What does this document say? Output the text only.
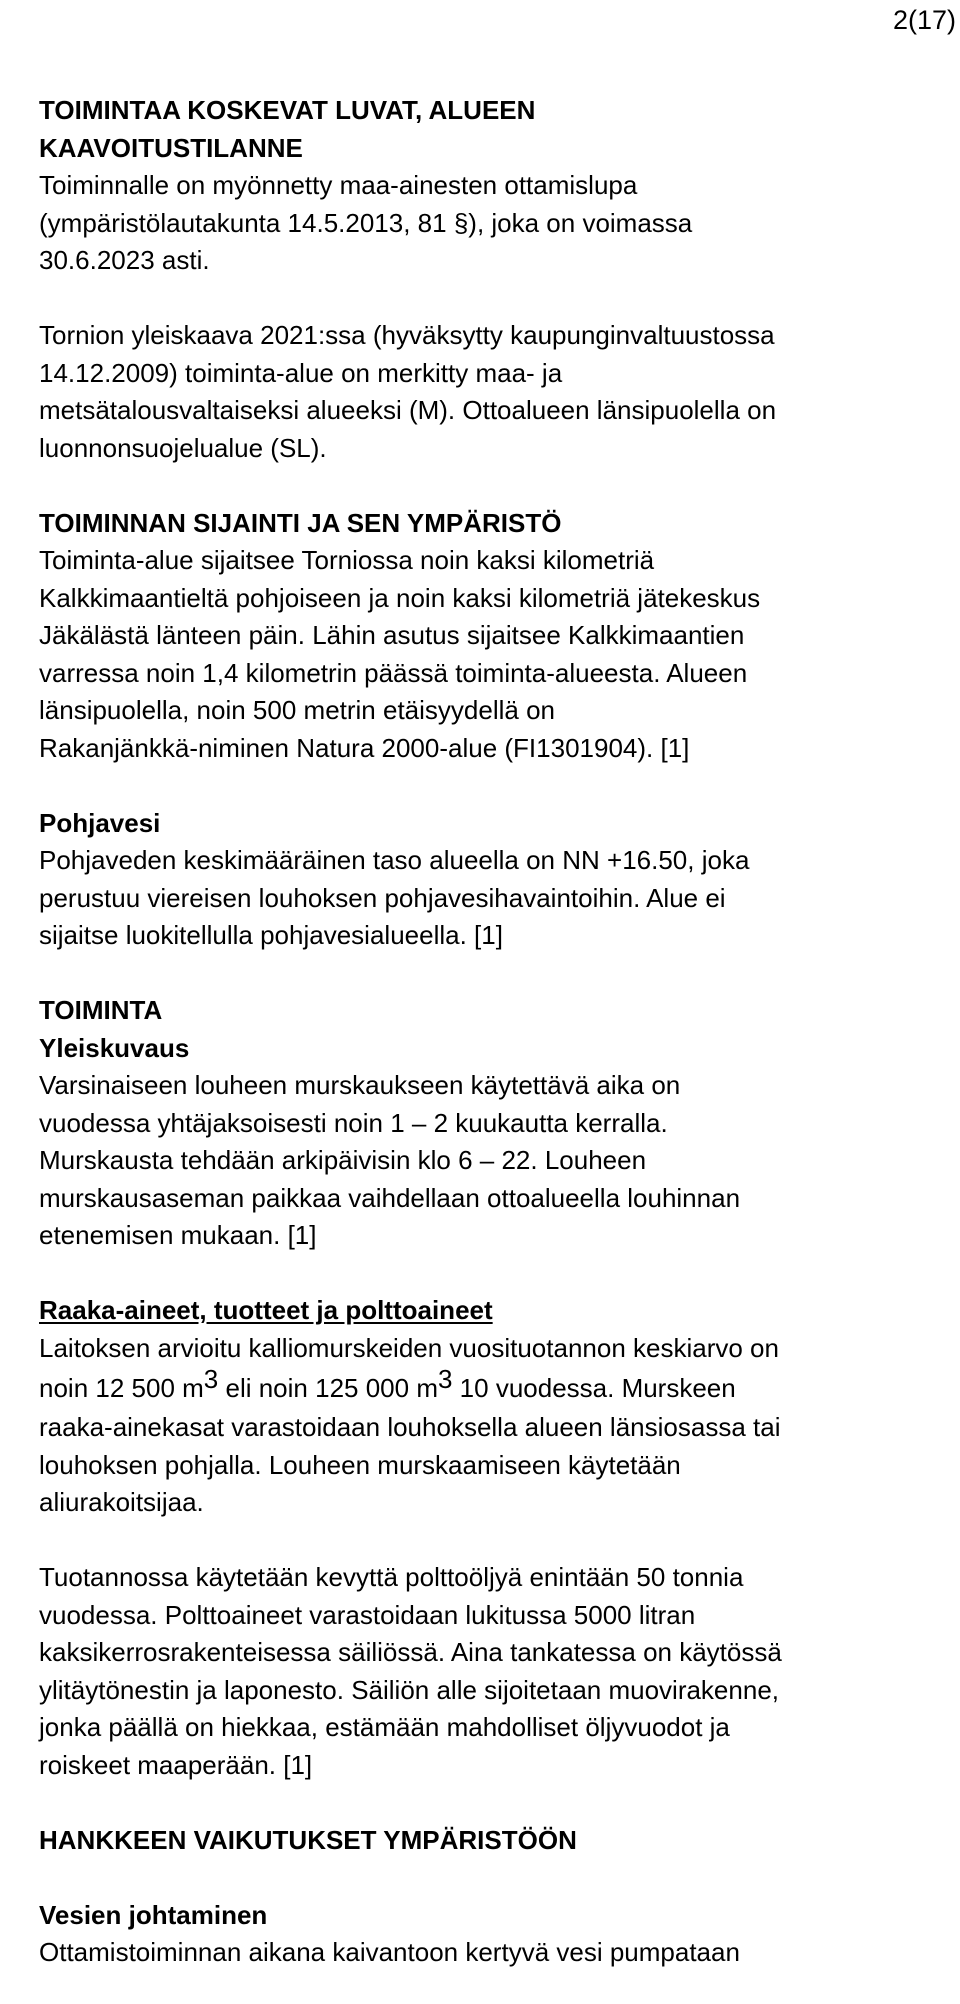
2(17)
TOIMINTAA KOSKEVAT LUVAT, ALUEEN
KAAVOITUSTILANNE
Toiminnalle on myönnetty maa-ainesten ottamislupa
(ympäristölautakunta 14.5.2013, 81 §), joka on voimassa
30.6.2023 asti.
Tornion yleiskaava 2021:ssa (hyväksytty kaupunginvaltuustossa
14.12.2009) toiminta-alue on merkitty maa- ja
metsätalousvaltaiseksi alueeksi (M). Ottoalueen länsipuolella on
luonnonsuojelualue (SL).
TOIMINNAN SIJAINTI JA SEN YMPÄRISTÖ
Toiminta-alue sijaitsee Torniossa noin kaksi kilometriä
Kalkkimaantieltä pohjoiseen ja noin kaksi kilometriä jätekeskus
Jäkälästä länteen päin. Lähin asutus sijaitsee Kalkkimaantien
varressa noin 1,4 kilometrin päässä toiminta-alueesta. Alueen
länsipuolella, noin 500 metrin etäisyydellä on
Rakanjänkkä-niminen Natura 2000-alue (FI1301904). [1]
Pohjavesi
Pohjaveden keskimääräinen taso alueella on NN +16.50, joka
perustuu viereisen louhoksen pohjavesihavaintoihin. Alue ei
sijaitse luokitellulla pohjavesialueella. [1]
TOIMINTA
Yleiskuvaus
Varsinaiseen louheen murskaukseen käytettävä aika on
vuodessa yhtäjaksoisesti noin 1 – 2 kuukautta kerralla.
Murskausta tehdään arkipäivisin klo 6 – 22. Louheen
murskausaseman paikkaa vaihdellaan ottoalueella louhinnan
etenemisen mukaan. [1]
Raaka-aineet, tuotteet ja polttoaineet
Laitoksen arvioitu kalliomurskeiden vuosituotannon keskiarvo on
noin 12 500 $m^3$ eli noin 125 000 $m^3$ 10 vuodessa. Murskeen
raaka-ainekasat varastoidaan louhoksella alueen länsiosassa tai
louhoksen pohjalla. Louheen murskaamiseen käytetään
aliurakoitsijaa.
Tuotannossa käytetään kevyttä polttoöljyä enintään 50 tonnia
vuodessa. Polttoaineet varastoidaan lukitussa 5000 litran
kaksikerrosrakenteisessa säiliössä. Aina tankatessa on käytössä
ylitäytönestin ja laponesto. Säiliön alle sijoitetaan muovirakenne,
jonka päällä on hiekkaa, estämään mahdolliset öljyvuodot ja
roiskeet maaperään. [1]
HANKKEEN VAIKUTUKSET YMPÄRISTÖÖN
Vesien johtaminen
Ottamistoiminnan aikana kaivantoon kertyvä vesi pumpataan
